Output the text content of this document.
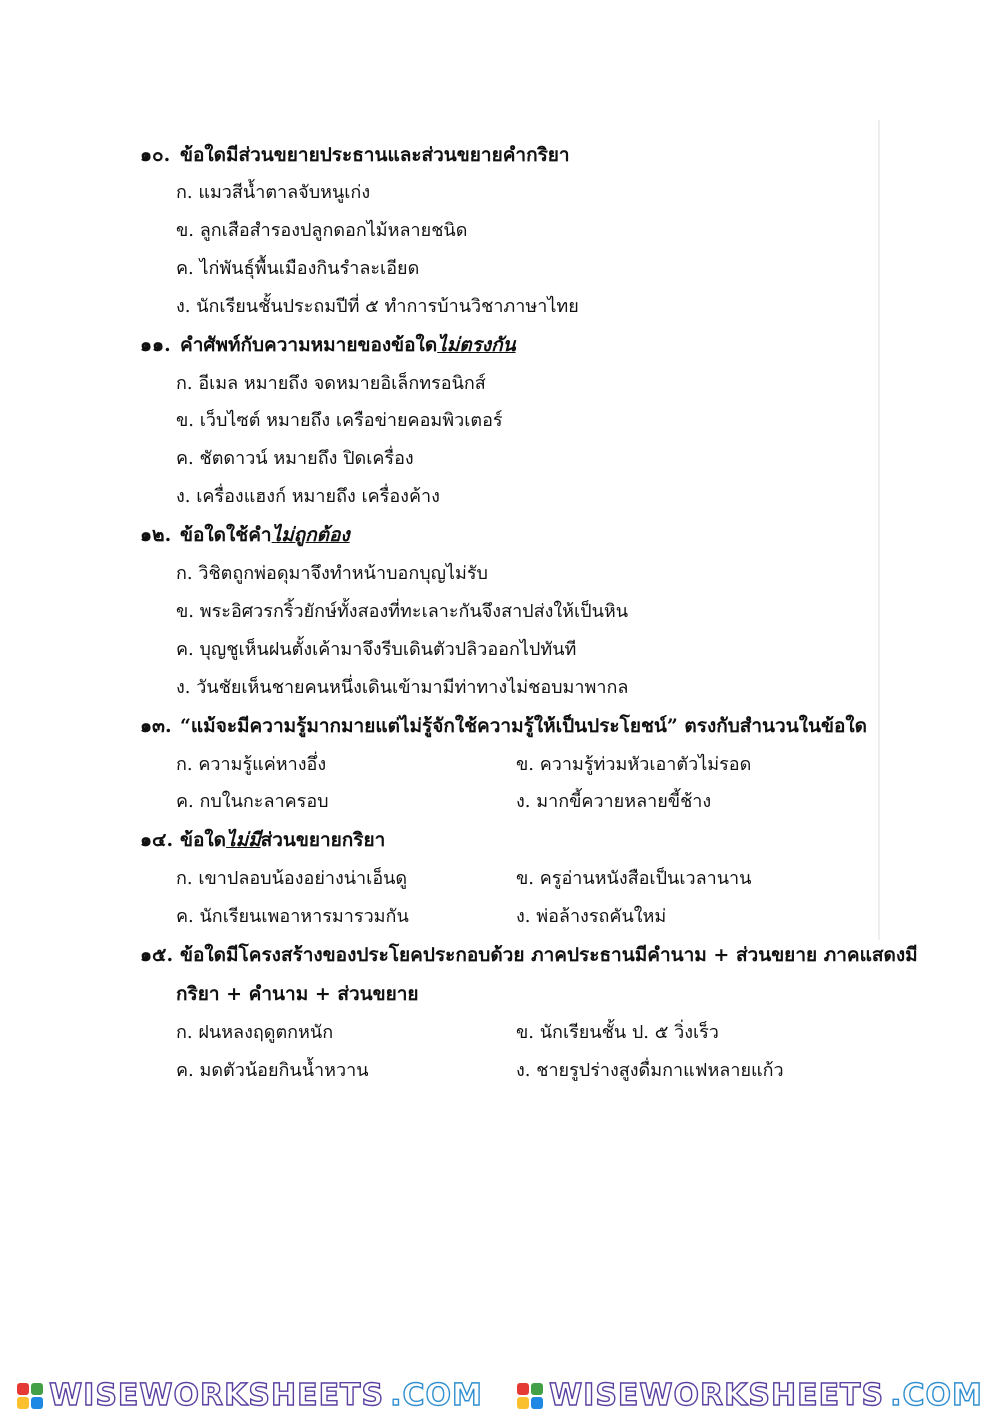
๑๐. ข้อใดมีส่วนขยายประธานและส่วนขยายคำกริยา
ก. แมวสีน้ำตาลจับหนูเก่ง
ข. ลูกเสือสำรองปลูกดอกไม้หลายชนิด
ค. ไก่พันธุ์พื้นเมืองกินรำละเอียด
ง. นักเรียนชั้นประถมปีที่ ๕ ทำการบ้านวิชาภาษาไทย
๑๑. คำศัพท์กับความหมายของข้อใดไม่ตรงกัน
ก. อีเมล หมายถึง จดหมายอิเล็กทรอนิกส์
ข. เว็บไซต์ หมายถึง เครือข่ายคอมพิวเตอร์
ค. ชัตดาวน์ หมายถึง ปิดเครื่อง
ง. เครื่องแฮงก์ หมายถึง เครื่องค้าง
๑๒. ข้อใดใช้คำไม่ถูกต้อง
ก. วิชิตถูกพ่อดุมาจึงทำหน้าบอกบุญไม่รับ
ข. พระอิศวรกริ้วยักษ์ทั้งสองที่ทะเลาะกันจึงสาปส่งให้เป็นหิน
ค. บุญชูเห็นฝนตั้งเค้ามาจึงรีบเดินตัวปลิวออกไปทันที
ง. วันชัยเห็นชายคนหนึ่งเดินเข้ามามีท่าทางไม่ชอบมาพากล
๑๓. “แม้จะมีความรู้มากมายแต่ไม่รู้จักใช้ความรู้ให้เป็นประโยชน์” ตรงกับสำนวนในข้อใด
ก. ความรู้แค่หางอึ่ง	ข. ความรู้ท่วมหัวเอาตัวไม่รอด
ค. กบในกะลาครอบ	ง. มากขี้ควายหลายขี้ช้าง
๑๔. ข้อใดไม่มีส่วนขยายกริยา
ก. เขาปลอบน้องอย่างน่าเอ็นดู	ข. ครูอ่านหนังสือเป็นเวลานาน
ค. นักเรียนเพอาหารมารวมกัน	ง. พ่อล้างรถคันใหม่
๑๕. ข้อใดมีโครงสร้างของประโยคประกอบด้วย ภาคประธานมีคำนาม + ส่วนขยาย ภาคแสดงมี
กริยา + คำนาม + ส่วนขยาย
ก. ฝนหลงฤดูตกหนัก	ข. นักเรียนชั้น ป. ๕ วิ่งเร็ว
ค. มดตัวน้อยกินน้ำหวาน	ง. ชายรูปร่างสูงดื่มกาแฟหลายแก้ว
WISEWORKSHEETS .COM WISEWORKSHEETS .COM
